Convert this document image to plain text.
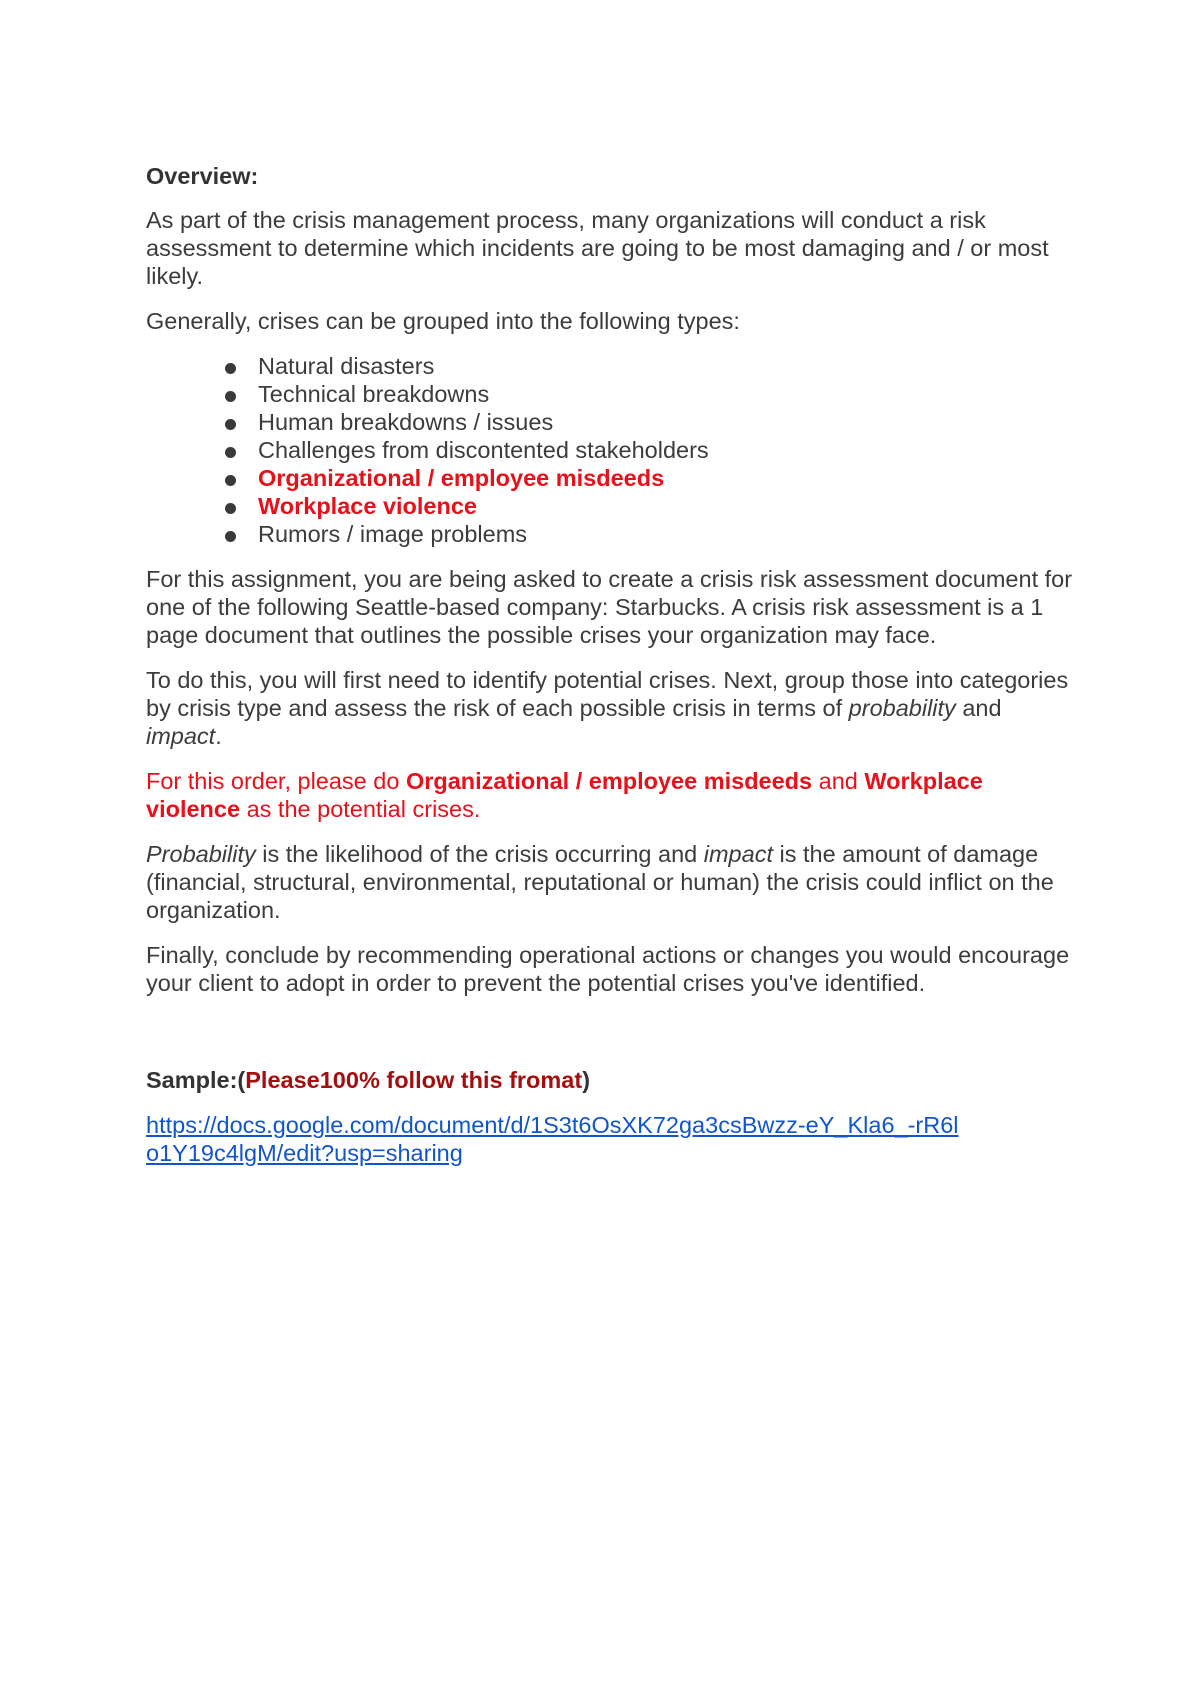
Overview:

As part of the crisis management process, many organizations will conduct a risk assessment to determine which incidents are going to be most damaging and / or most likely.

Generally, crises can be grouped into the following types:

Natural disasters
Technical breakdowns
Human breakdowns / issues
Challenges from discontented stakeholders
Organizational / employee misdeeds
Workplace violence
Rumors / image problems

For this assignment, you are being asked to create a crisis risk assessment document for one of the following Seattle-based company: Starbucks. A crisis risk assessment is a 1 page document that outlines the possible crises your organization may face.

To do this, you will first need to identify potential crises. Next, group those into categories by crisis type and assess the risk of each possible crisis in terms of probability and impact.

For this order, please do Organizational / employee misdeeds and Workplace violence as the potential crises.

Probability is the likelihood of the crisis occurring and impact is the amount of damage (financial, structural, environmental, reputational or human) the crisis could inflict on the organization.

Finally, conclude by recommending operational actions or changes you would encourage your client to adopt in order to prevent the potential crises you've identified.

Sample:(Please100% follow this fromat)

https://docs.google.com/document/d/1S3t6OsXK72ga3csBwzz-eY_Kla6_-rR6lo1Y19c4lgM/edit?usp=sharing
